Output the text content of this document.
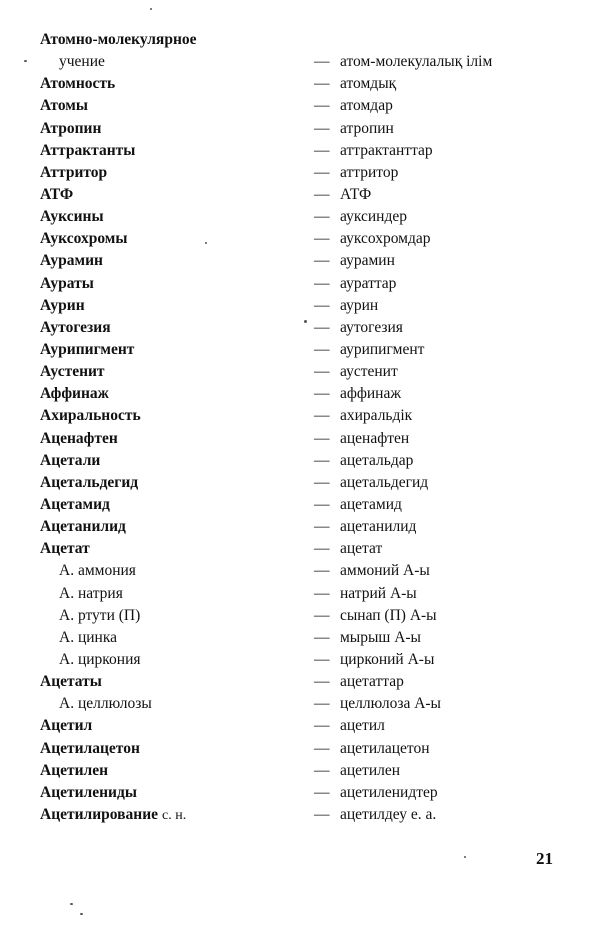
Атомно-молекулярное
учение	— атом-молекулалық ілім
Атомность	— атомдық
Атомы	— атомдар
Атропин	— атропин
Аттрактанты	— аттрактанттар
Аттритор	— аттритор
АТФ	— АТФ
Ауксины	— ауксиндер
Ауксохромы	— ауксохромдар
Аурамин	— аурамин
Аураты	— аураттар
Аурин	— аурин
Аутогезия	— аутогезия
Аурипигмент	— аурипигмент
Аустенит	— аустенит
Аффинаж	— аффинаж
Ахиральность	— ахиральдік
Аценафтен	— аценафтен
Ацетали	— ацетальдар
Ацетальдегид	— ацетальдегид
Ацетамид	— ацетамид
Ацетанилид	— ацетанилид
Ацетат	— ацетат
А. аммония	— аммоний А-ы
А. натрия	— натрий А-ы
А. ртути (П)	— сынап (П) А-ы
А. цинка	— мырыш А-ы
А. циркония	— цирконий А-ы
Ацетаты	— ацетаттар
А. целлюлозы	— целлюлоза А-ы
Ацетил	— ацетил
Ацетилацетон	— ацетилацетон
Ацетилен	— ацетилен
Ацетилениды	— ацетиленидтер
Ацетилирование с. н.	— ацетилдеу е. а.
21
